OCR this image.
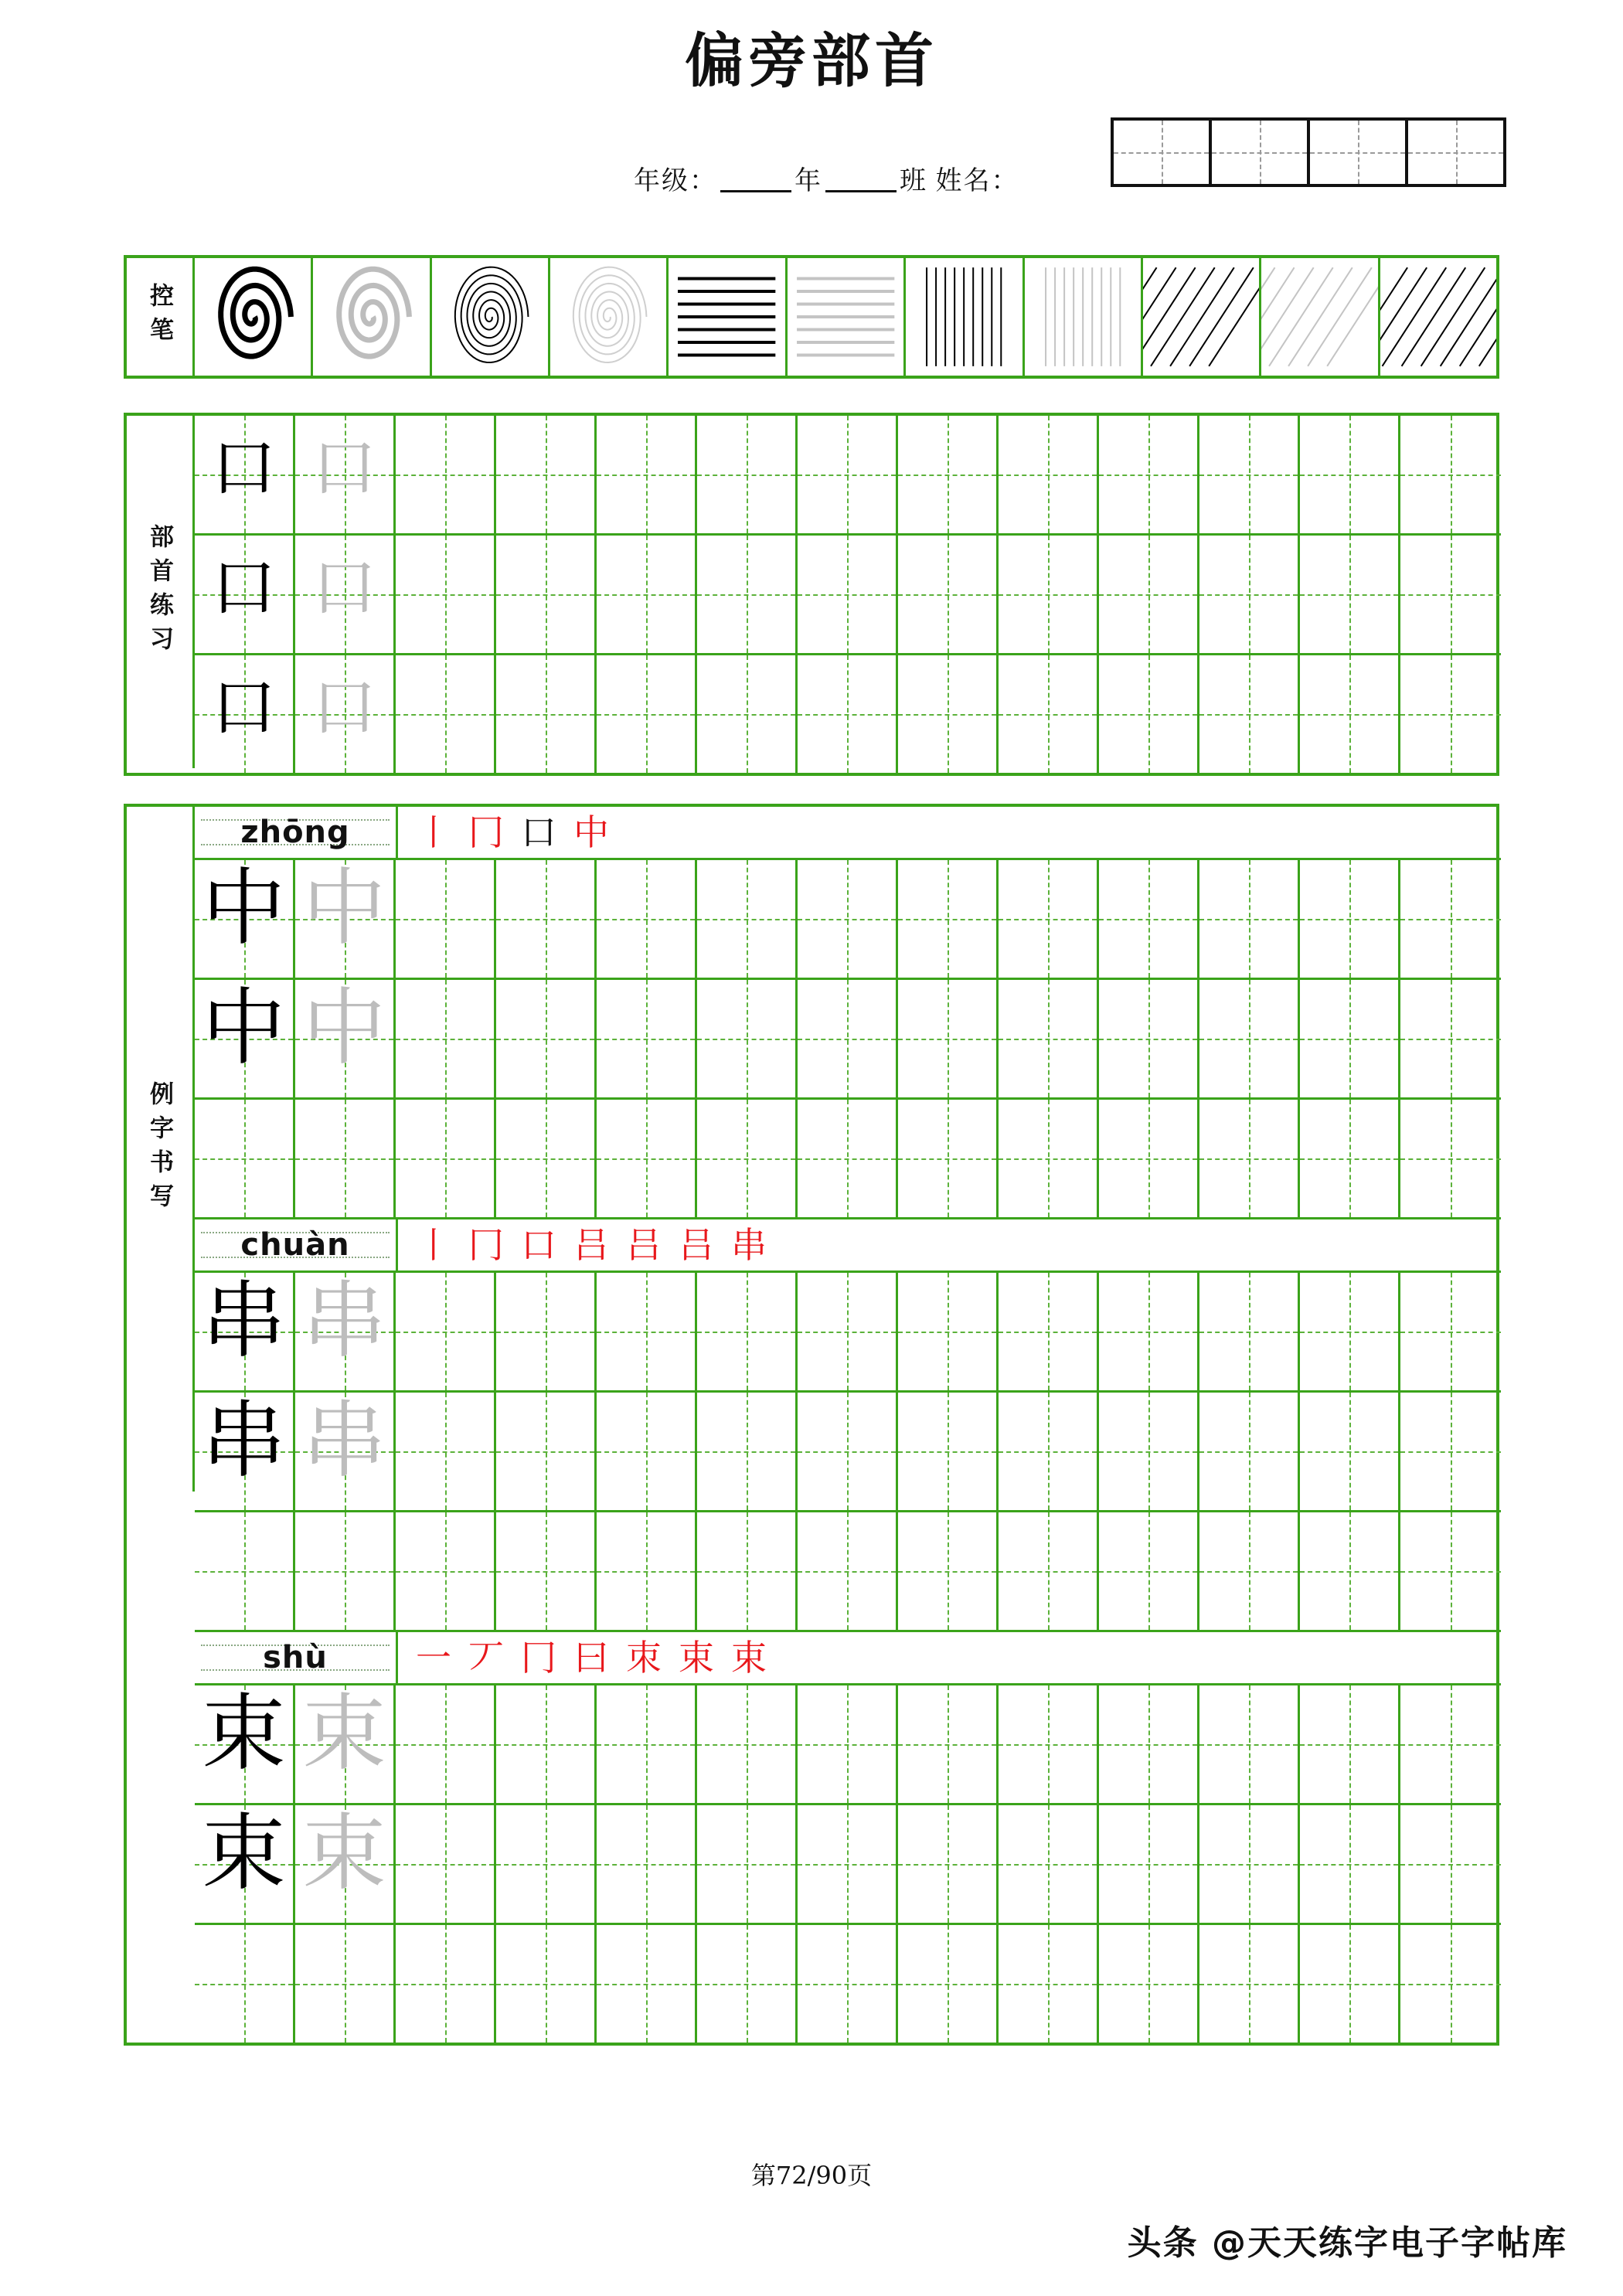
偏旁部首
年级：	年	班 姓名：
控笔
部首练习
口 口
口 口
口 口
例字书写
zhōng 丨 冂 口 中
中 中
中 中
chuàn 丨 冂 口 吕 吕 吕 串
串 串
串 串
shù 一 丆 冂 曰 朿 束 束
束 束
束 束
第72/90页
头条 @天天练字电子字帖库
